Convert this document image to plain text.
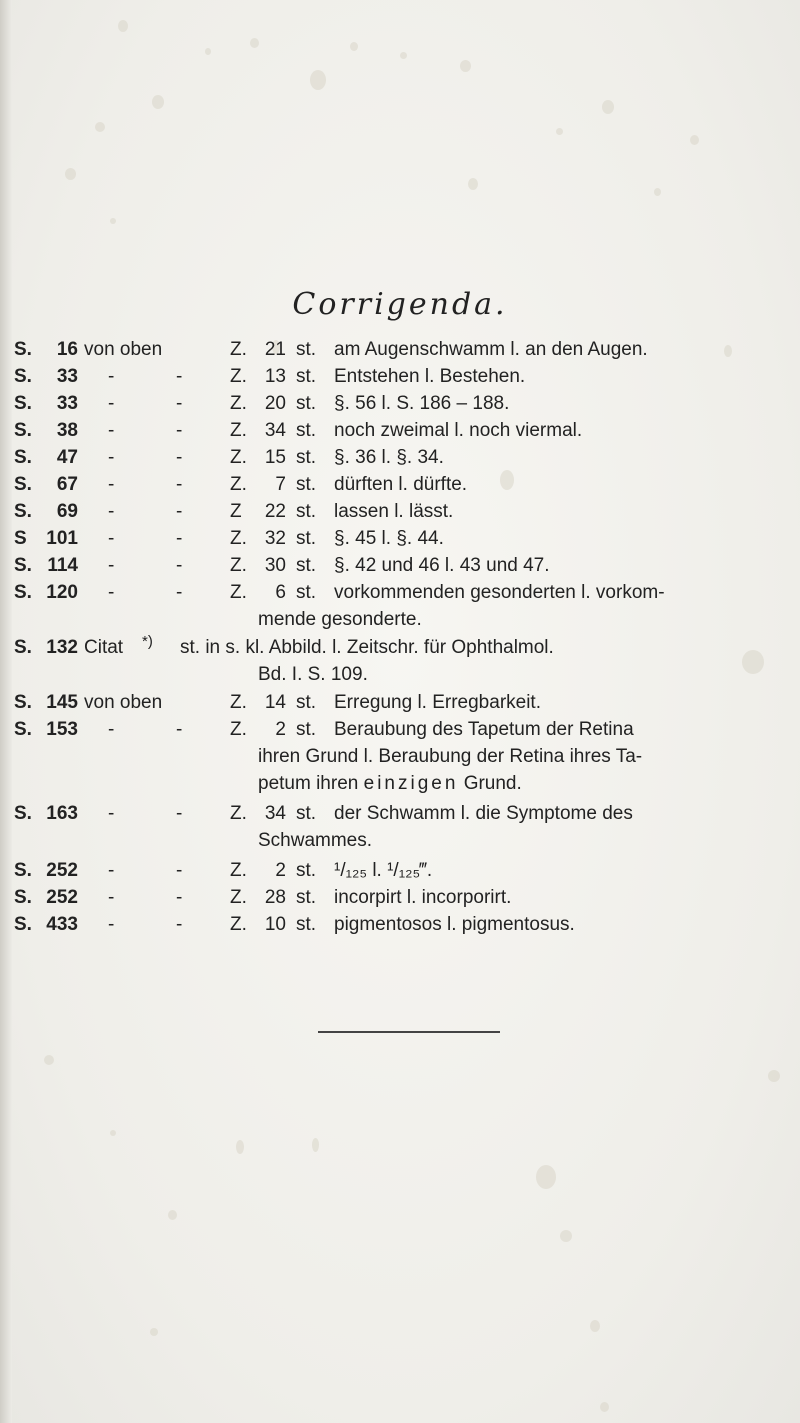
Corrigenda.
S.	16 von oben	Z. 21 st. am Augenschwamm l. an den Augen.
S.	33 -	-	Z. 13 st. Entstehen l. Bestehen.
S.	33 -	-	Z. 20 st. §. 56 l. S. 186 – 188.
S.	38 -	-	Z. 34 st. noch zweimal l. noch viermal.
S.	47 -	-	Z. 15 st. §. 36 l. §. 34.
S.	67 -	-	Z.	7 st. dürften l. dürfte.
S.	69 -	-	Z	22 st. lassen l. lässt.
S	101 -	-	Z. 32 st. §. 45 l. §. 44.
S. 114 -	-	Z. 30 st. §. 42 und 46 l. 43 und 47.
S. 120 -	-	Z.	6 st. vorkommenden gesonderten l. vorkom-
mende gesonderte.
S. 132 Citat *) st. in s. kl. Abbild. l. Zeitschr. für Ophthalmol.
Bd. I. S. 109.
S. 145 von oben	Z. 14 st. Erregung l. Erregbarkeit.
S. 153 -	-	Z.	2 st. Beraubung des Tapetum der Retina
ihren Grund l. Beraubung der Retina ihres Ta-
petum ihren einzigen Grund.
S. 163 -	-	Z. 34 st. der Schwamm l. die Symptome des
Schwammes.
S. 252 -	-	Z.	2 st. ¹/₁₂₅ l. ¹/₁₂₅‴.
S. 252 -	-	Z. 28 st. incorpirt l. incorporirt.
S. 433 -	-	Z. 10 st. pigmentosos l. pigmentosus.
